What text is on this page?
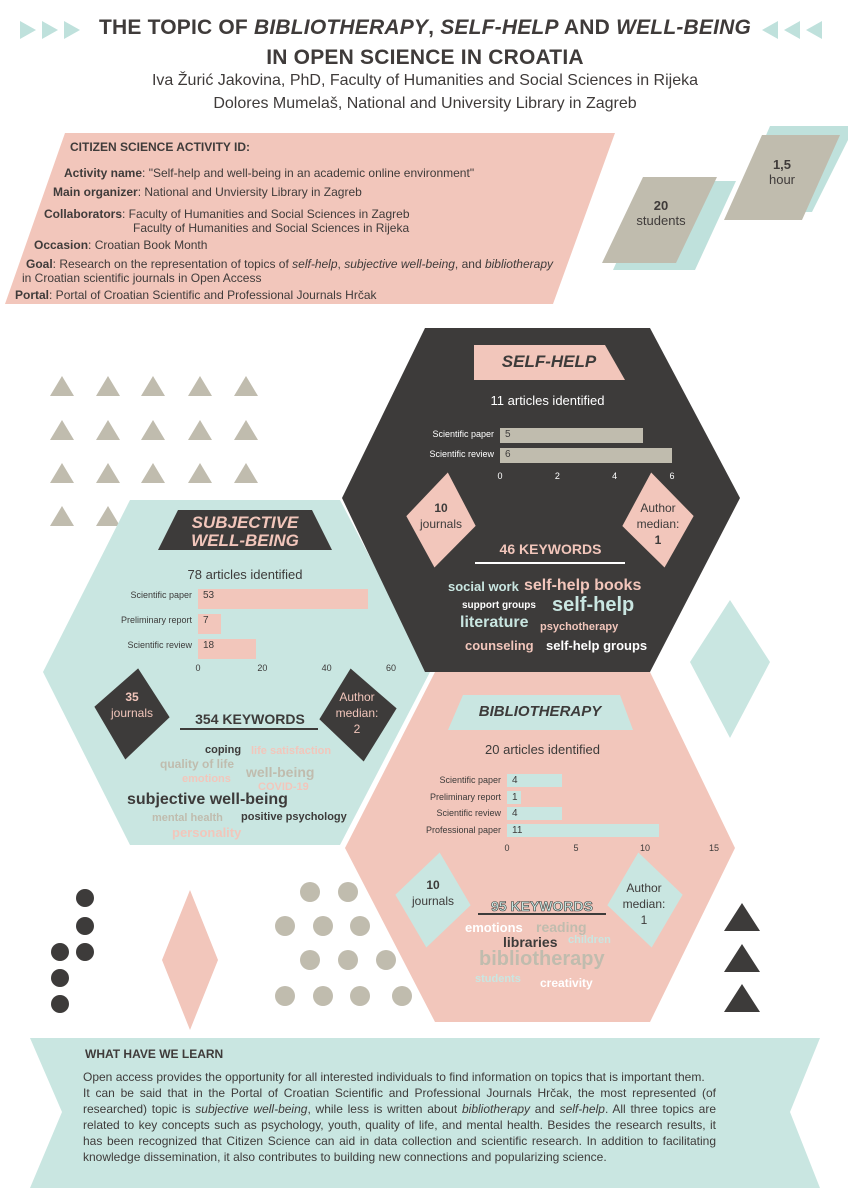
THE TOPIC OF BIBLIOTHERAPY, SELF-HELP AND WELL-BEING
IN OPEN SCIENCE IN CROATIA
Iva Žurić Jakovina, PhD, Faculty of Humanities and Social Sciences in Rijeka
Dolores Mumelaš, National and University Library in Zagreb
CITIZEN SCIENCE ACTIVITY ID:
Activity name: "Self-help and well-being in an academic online environment"
Main organizer: National and Unviersity Library in Zagreb
Collaborators: Faculty of Humanities and Social Sciences in Zagreb
Faculty of Humanities and Social Sciences in Rijeka
Occasion: Croatian Book Month
Goal: Research on the representation of topics of self-help, subjective well-being, and bibliotherapy
in Croatian scientific journals in Open Access
Portal: Portal of Croatian Scientific and Professional Journals Hrčak
20
students
1,5
hour
SELF-HELP
11 articles identified
Scientific paper 5
Scientific review 6
0	2	4	6
10
journals
Author
median:
1
46 KEYWORDS
social work self-help books
support groups self-help
literature psychotherapy
counseling self-help groups
SUBJECTIVE
WELL-BEING
78 articles identified
Scientific paper 53
Preliminary report 7
Scientific review 18
0	20	40	60
35
journals
Author
median:
2
354 KEYWORDS
coping life satisfaction
quality of life
emotions well-being
COVID-19
subjective well-being
mental health positive psychology
personality
BIBLIOTHERAPY
20 articles identified
Scientific paper 4
Preliminary report 1
Scientific review 4
Professional paper 11
0	5	10	15
10
journals
Author
median:
1
95 KEYWORDS
emotions reading
libraries children
bibliotherapy
students creativity
WHAT HAVE WE LEARN
Open access provides the opportunity for all interested individuals to find information on topics that is important them.
It can be said that in the Portal of Croatian Scientific and Professional Journals Hrčak, the most represented (of researched) topic is subjective well-being, while less is written about bibliotherapy and self-help. All three topics are related to key concepts such as psychology, youth, quality of life, and mental health. Besides the research results, it has been recognized that Citizen Science can aid in data collection and scientific research. In addition to facilitating knowledge dissemination, it also contributes to building new connections and popularizing science.
